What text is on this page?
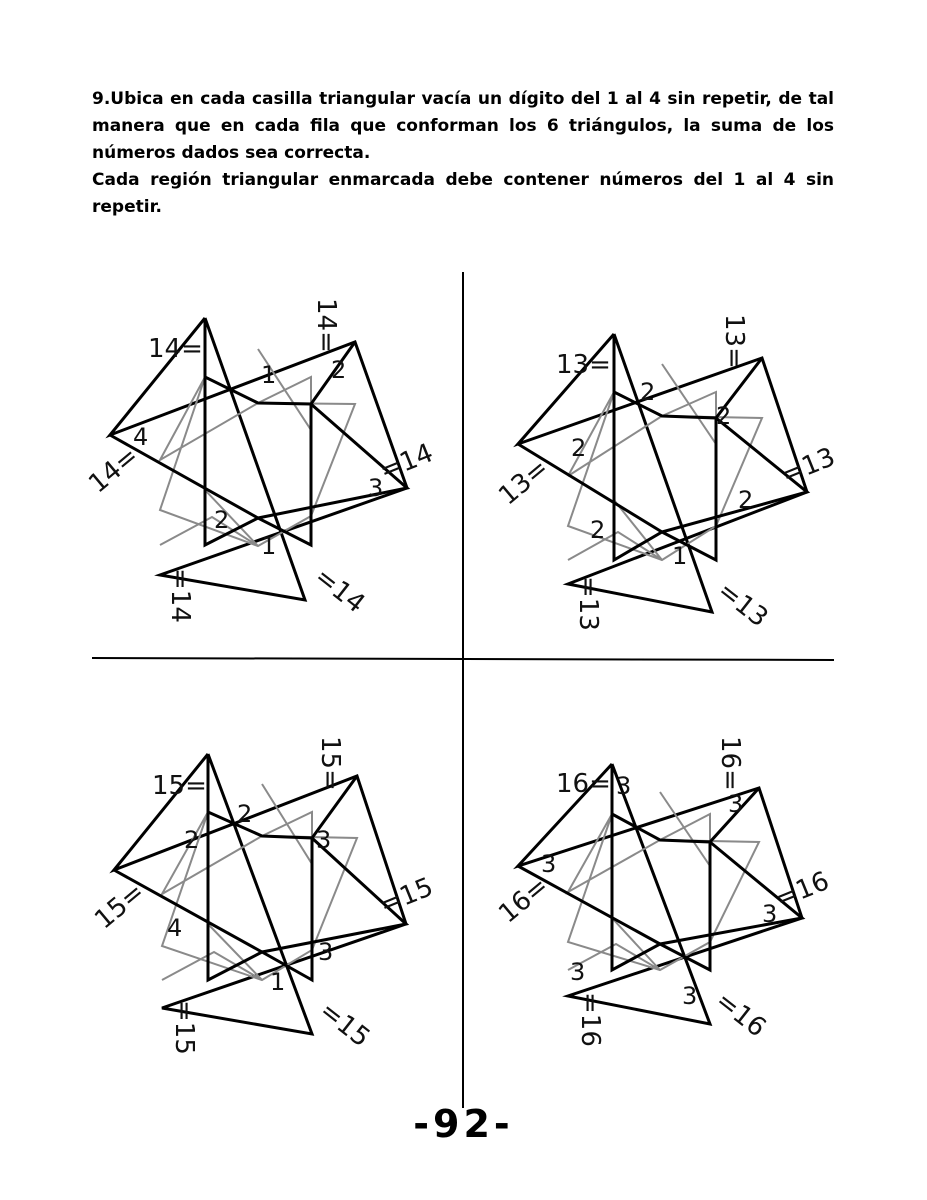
9.Ubica en cada casilla triangular vacía un dígito del 1 al 4 sin repetir, de tal manera que en cada fila que conforman los 6 triángulos, la suma de los números dados sea correcta.

Cada región triangular enmarcada debe contener números del 1 al 4 sin repetir.

14=	14=
14=	=14
=14	=14
1 2
4
3
2
1
13=	13=
13=	=13
=13	=13
2
2
2
2
2
1
15=	15=
15=	=15
=15	=15
2
2	3
4
3
1
16=	16=
16=	=16
=16	=16
3
3
3
3
3
3
-92-
